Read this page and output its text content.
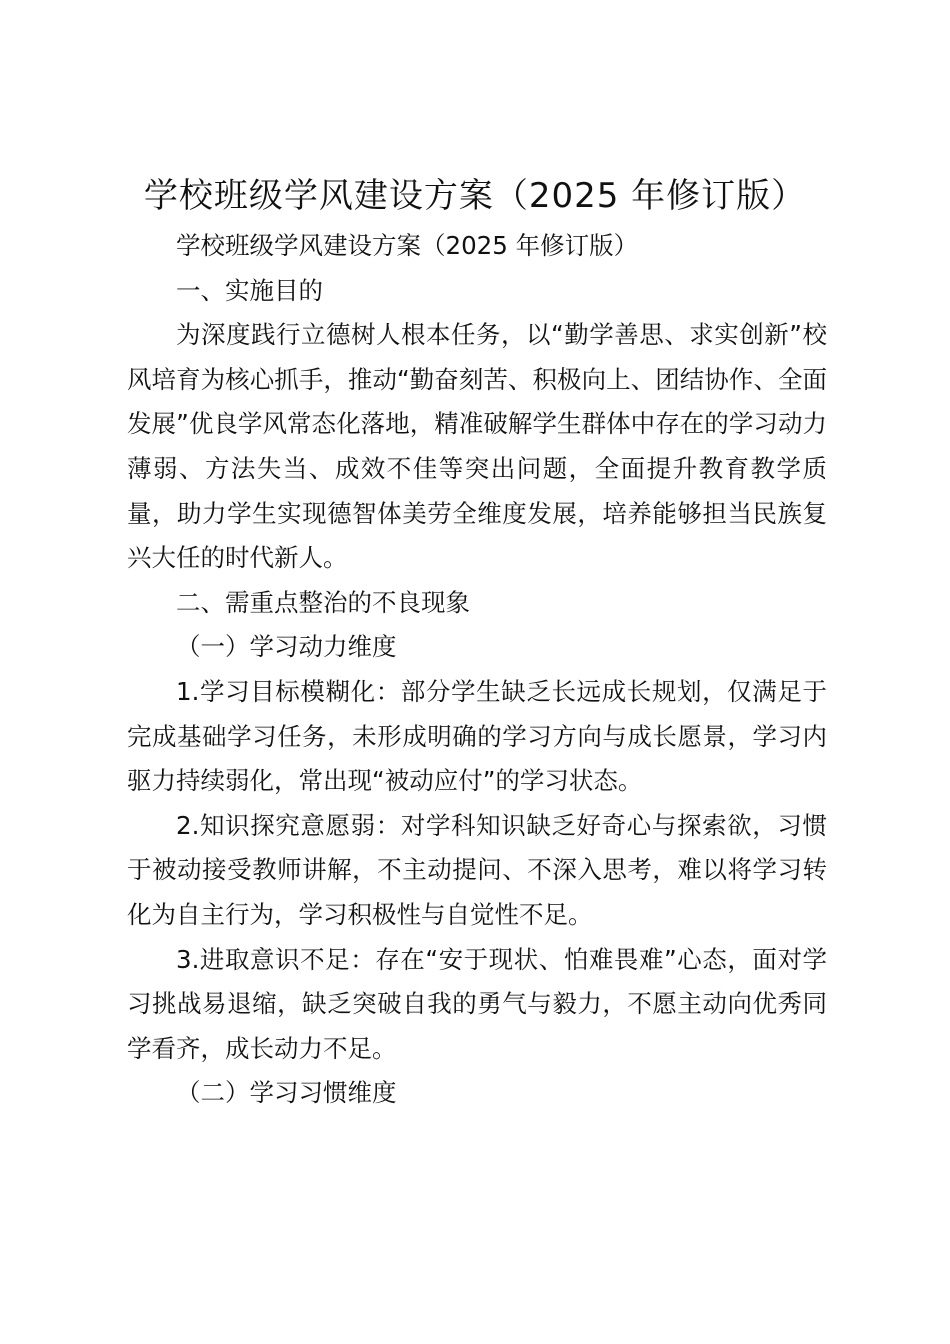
学校班级学风建设方案（2025 年修订版）

学校班级学风建设方案（2025 年修订版）

一、实施目的

为深度践行立德树人根本任务，以“勤学善思、求实创新”校风培育为核心抓手，推动“勤奋刻苦、积极向上、团结协作、全面发展”优良学风常态化落地，精准破解学生群体中存在的学习动力薄弱、方法失当、成效不佳等突出问题，全面提升教育教学质量，助力学生实现德智体美劳全维度发展，培养能够担当民族复兴大任的时代新人。

二、需重点整治的不良现象

（一）学习动力维度

1.学习目标模糊化：部分学生缺乏长远成长规划，仅满足于完成基础学习任务，未形成明确的学习方向与成长愿景，学习内驱力持续弱化，常出现“被动应付”的学习状态。

2.知识探究意愿弱：对学科知识缺乏好奇心与探索欲，习惯于被动接受教师讲解，不主动提问、不深入思考，难以将学习转化为自主行为，学习积极性与自觉性不足。

3.进取意识不足：存在“安于现状、怕难畏难”心态，面对学习挑战易退缩，缺乏突破自我的勇气与毅力，不愿主动向优秀同学看齐，成长动力不足。

（二）学习习惯维度
